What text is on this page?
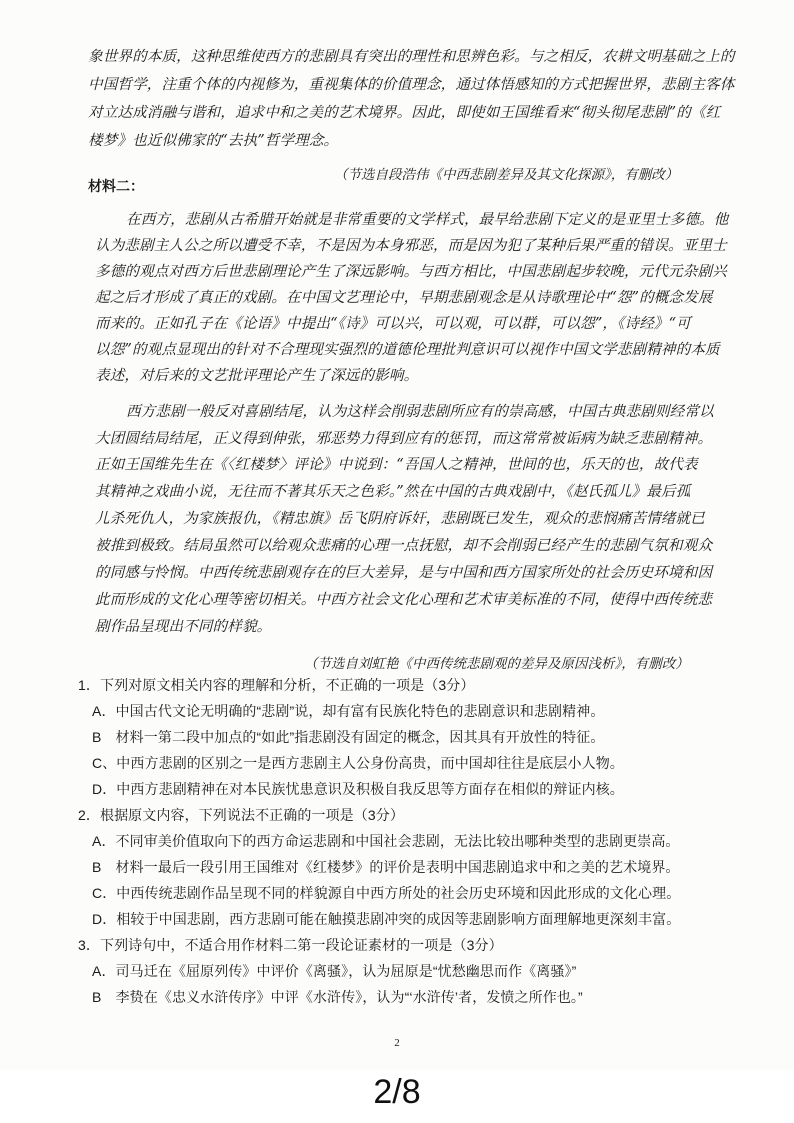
象世界的本质，这种思维使西方的悲剧具有突出的理性和思辨色彩。与之相反，农耕文明基础之上的
中国哲学，注重个体的内视修为，重视集体的价值理念，通过体悟感知的方式把握世界，悲剧主客体
对立达成消融与谐和，追求中和之美的艺术境界。因此，即使如王国维看来“彻头彻尾悲剧”的《红
楼梦》也近似佛家的“去执”哲学理念。
（节选自段浩伟《中西悲剧差异及其文化探源》，有删改）
材料二：
在西方，悲剧从古希腊开始就是非常重要的文学样式，最早给悲剧下定义的是亚里士多德。他
认为悲剧主人公之所以遭受不幸，不是因为本身邪恶，而是因为犯了某种后果严重的错误。亚里士
多德的观点对西方后世悲剧理论产生了深远影响。与西方相比，中国悲剧起步较晚，元代元杂剧兴
起之后才形成了真正的戏剧。在中国文艺理论中，早期悲剧观念是从诗歌理论中“怨”的概念发展
而来的。正如孔子在《论语》中提出“《诗》可以兴，可以观，可以群，可以怨”，《诗经》“可
以怨”的观点显现出的针对不合理现实强烈的道德伦理批判意识可以视作中国文学悲剧精神的本质
表述，对后来的文艺批评理论产生了深远的影响。
西方悲剧一般反对喜剧结尾，认为这样会削弱悲剧所应有的崇高感，中国古典悲剧则经常以
大团圆结局结尾，正义得到伸张，邪恶势力得到应有的惩罚，而这常常被诟病为缺乏悲剧精神。
正如王国维先生在《〈红楼梦〉评论》中说到：“吾国人之精神，世间的也，乐天的也，故代表
其精神之戏曲小说，无往而不著其乐天之色彩。”然在中国的古典戏剧中，《赵氏孤儿》最后孤
儿杀死仇人，为家族报仇，《精忠旗》岳飞阴府诉奸，悲剧既已发生，观众的悲悯痛苦情绪就已
被推到极致。结局虽然可以给观众悲痛的心理一点抚慰，却不会削弱已经产生的悲剧气氛和观众
的同感与怜悯。中西传统悲剧观存在的巨大差异，是与中国和西方国家所处的社会历史环境和因
此而形成的文化心理等密切相关。中西方社会文化心理和艺术审美标准的不同，使得中西传统悲
剧作品呈现出不同的样貌。
（节选自刘虹艳《中西传统悲剧观的差异及原因浅析》，有删改）
1．下列对原文相关内容的理解和分析，不正确的一项是（3分）
A．中国古代文论无明确的“悲剧”说，却有富有民族化特色的悲剧意识和悲剧精神。
B　材料一第二段中加点的“如此”指悲剧没有固定的概念，因其具有开放性的特征。
C、中西方悲剧的区别之一是西方悲剧主人公身份高贵，而中国却往往是底层小人物。
D．中西方悲剧精神在对本民族忧患意识及积极自我反思等方面存在相似的辩证内核。
2．根据原文内容，下列说法不正确的一项是（3分）
A．不同审美价值取向下的西方命运悲剧和中国社会悲剧，无法比较出哪种类型的悲剧更崇高。
B　材料一最后一段引用王国维对《红楼梦》的评价是表明中国悲剧追求中和之美的艺术境界。
C．中西传统悲剧作品呈现不同的样貌源自中西方所处的社会历史环境和因此形成的文化心理。
D．相较于中国悲剧，西方悲剧可能在触摸悲剧冲突的成因等悲剧影响方面理解地更深刻丰富。
3．下列诗句中，不适合用作材料二第一段论证素材的一项是（3分）
A．司马迁在《屈原列传》中评价《离骚》，认为屈原是“忧愁幽思而作《离骚》”
B　李贽在《忠义水浒传序》中评《水浒传》，认为“‘水浒传’者，发愤之所作也。”
2
2/8
